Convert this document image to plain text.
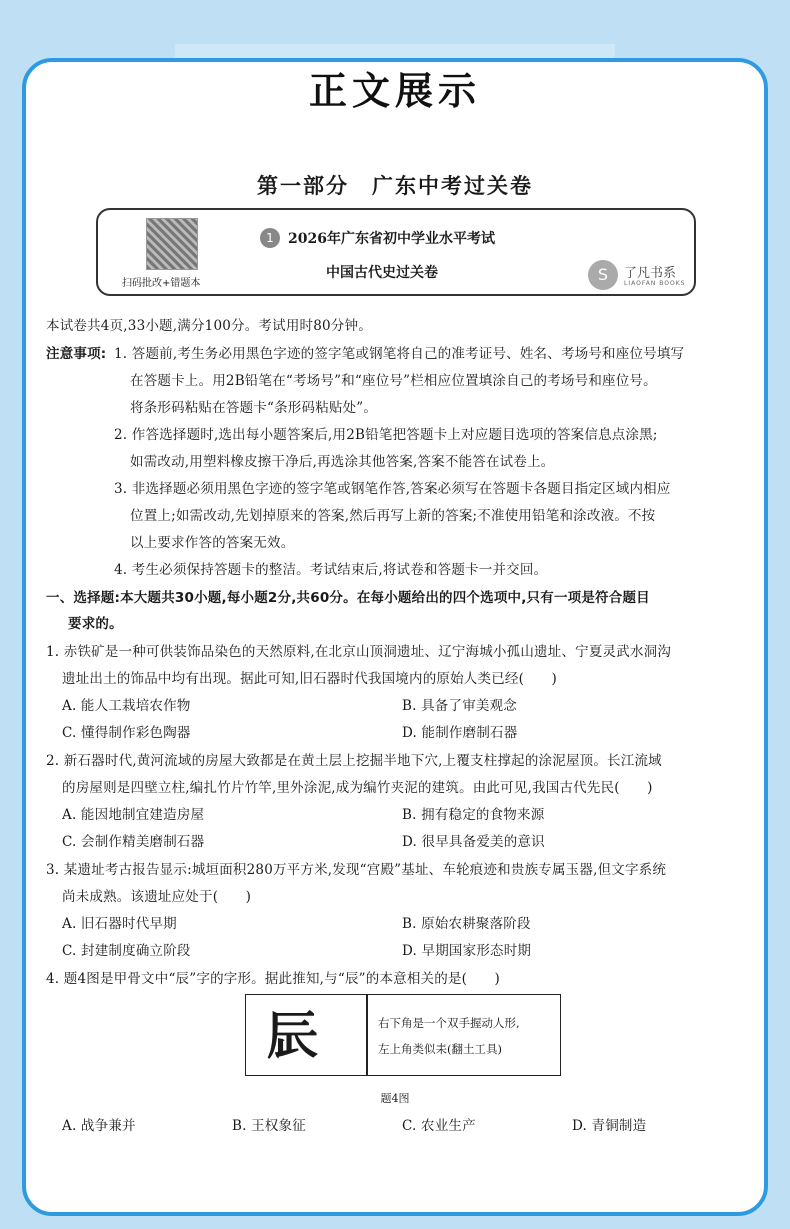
正文展示
第一部分　广东中考过关卷
扫码批改+错题本
1	2026年广东省初中学业水平考试
中国古代史过关卷	S	了凡书系
LIAOFAN BOOKS
本试卷共4页,33小题,满分100分。考试用时80分钟。
注意事项: 1. 答题前,考生务必用黑色字迹的签字笔或钢笔将自己的准考证号、姓名、考场号和座位号填写
在答题卡上。用2B铅笔在“考场号”和“座位号”栏相应位置填涂自己的考场号和座位号。
将条形码粘贴在答题卡“条形码粘贴处”。
2. 作答选择题时,选出每小题答案后,用2B铅笔把答题卡上对应题目选项的答案信息点涂黑;
如需改动,用塑料橡皮擦干净后,再选涂其他答案,答案不能答在试卷上。
3. 非选择题必须用黑色字迹的签字笔或钢笔作答,答案必须写在答题卡各题目指定区域内相应
位置上;如需改动,先划掉原来的答案,然后再写上新的答案;不准使用铅笔和涂改液。不按
以上要求作答的答案无效。
4. 考生必须保持答题卡的整洁。考试结束后,将试卷和答题卡一并交回。
一、选择题:本大题共30小题,每小题2分,共60分。在每小题给出的四个选项中,只有一项是符合题目
要求的。
1. 赤铁矿是一种可供装饰品染色的天然原料,在北京山顶洞遗址、辽宁海城小孤山遗址、宁夏灵武水洞沟
遗址出土的饰品中均有出现。据此可知,旧石器时代我国境内的原始人类已经(　　)
A. 能人工栽培农作物	B. 具备了审美观念
C. 懂得制作彩色陶器	D. 能制作磨制石器
2. 新石器时代,黄河流域的房屋大致都是在黄土层上挖掘半地下穴,上覆支柱撑起的涂泥屋顶。长江流域
的房屋则是四壁立柱,编扎竹片竹竿,里外涂泥,成为编竹夹泥的建筑。由此可见,我国古代先民(　　)
A. 能因地制宜建造房屋	B. 拥有稳定的食物来源
C. 会制作精美磨制石器	D. 很早具备爱美的意识
3. 某遗址考古报告显示:城垣面积280万平方米,发现“宫殿”基址、车轮痕迹和贵族专属玉器,但文字系统
尚未成熟。该遗址应处于(　　)
A. 旧石器时代早期	B. 原始农耕聚落阶段
C. 封建制度确立阶段	D. 早期国家形态时期
4. 题4图是甲骨文中“辰”字的字形。据此推知,与“辰”的本意相关的是(　　)
𨑃	右下角是一个双手握动人形,
左上角类似耒(翻土工具)
题4图
A. 战争兼并	B. 王权象征	C. 农业生产	D. 青铜制造
